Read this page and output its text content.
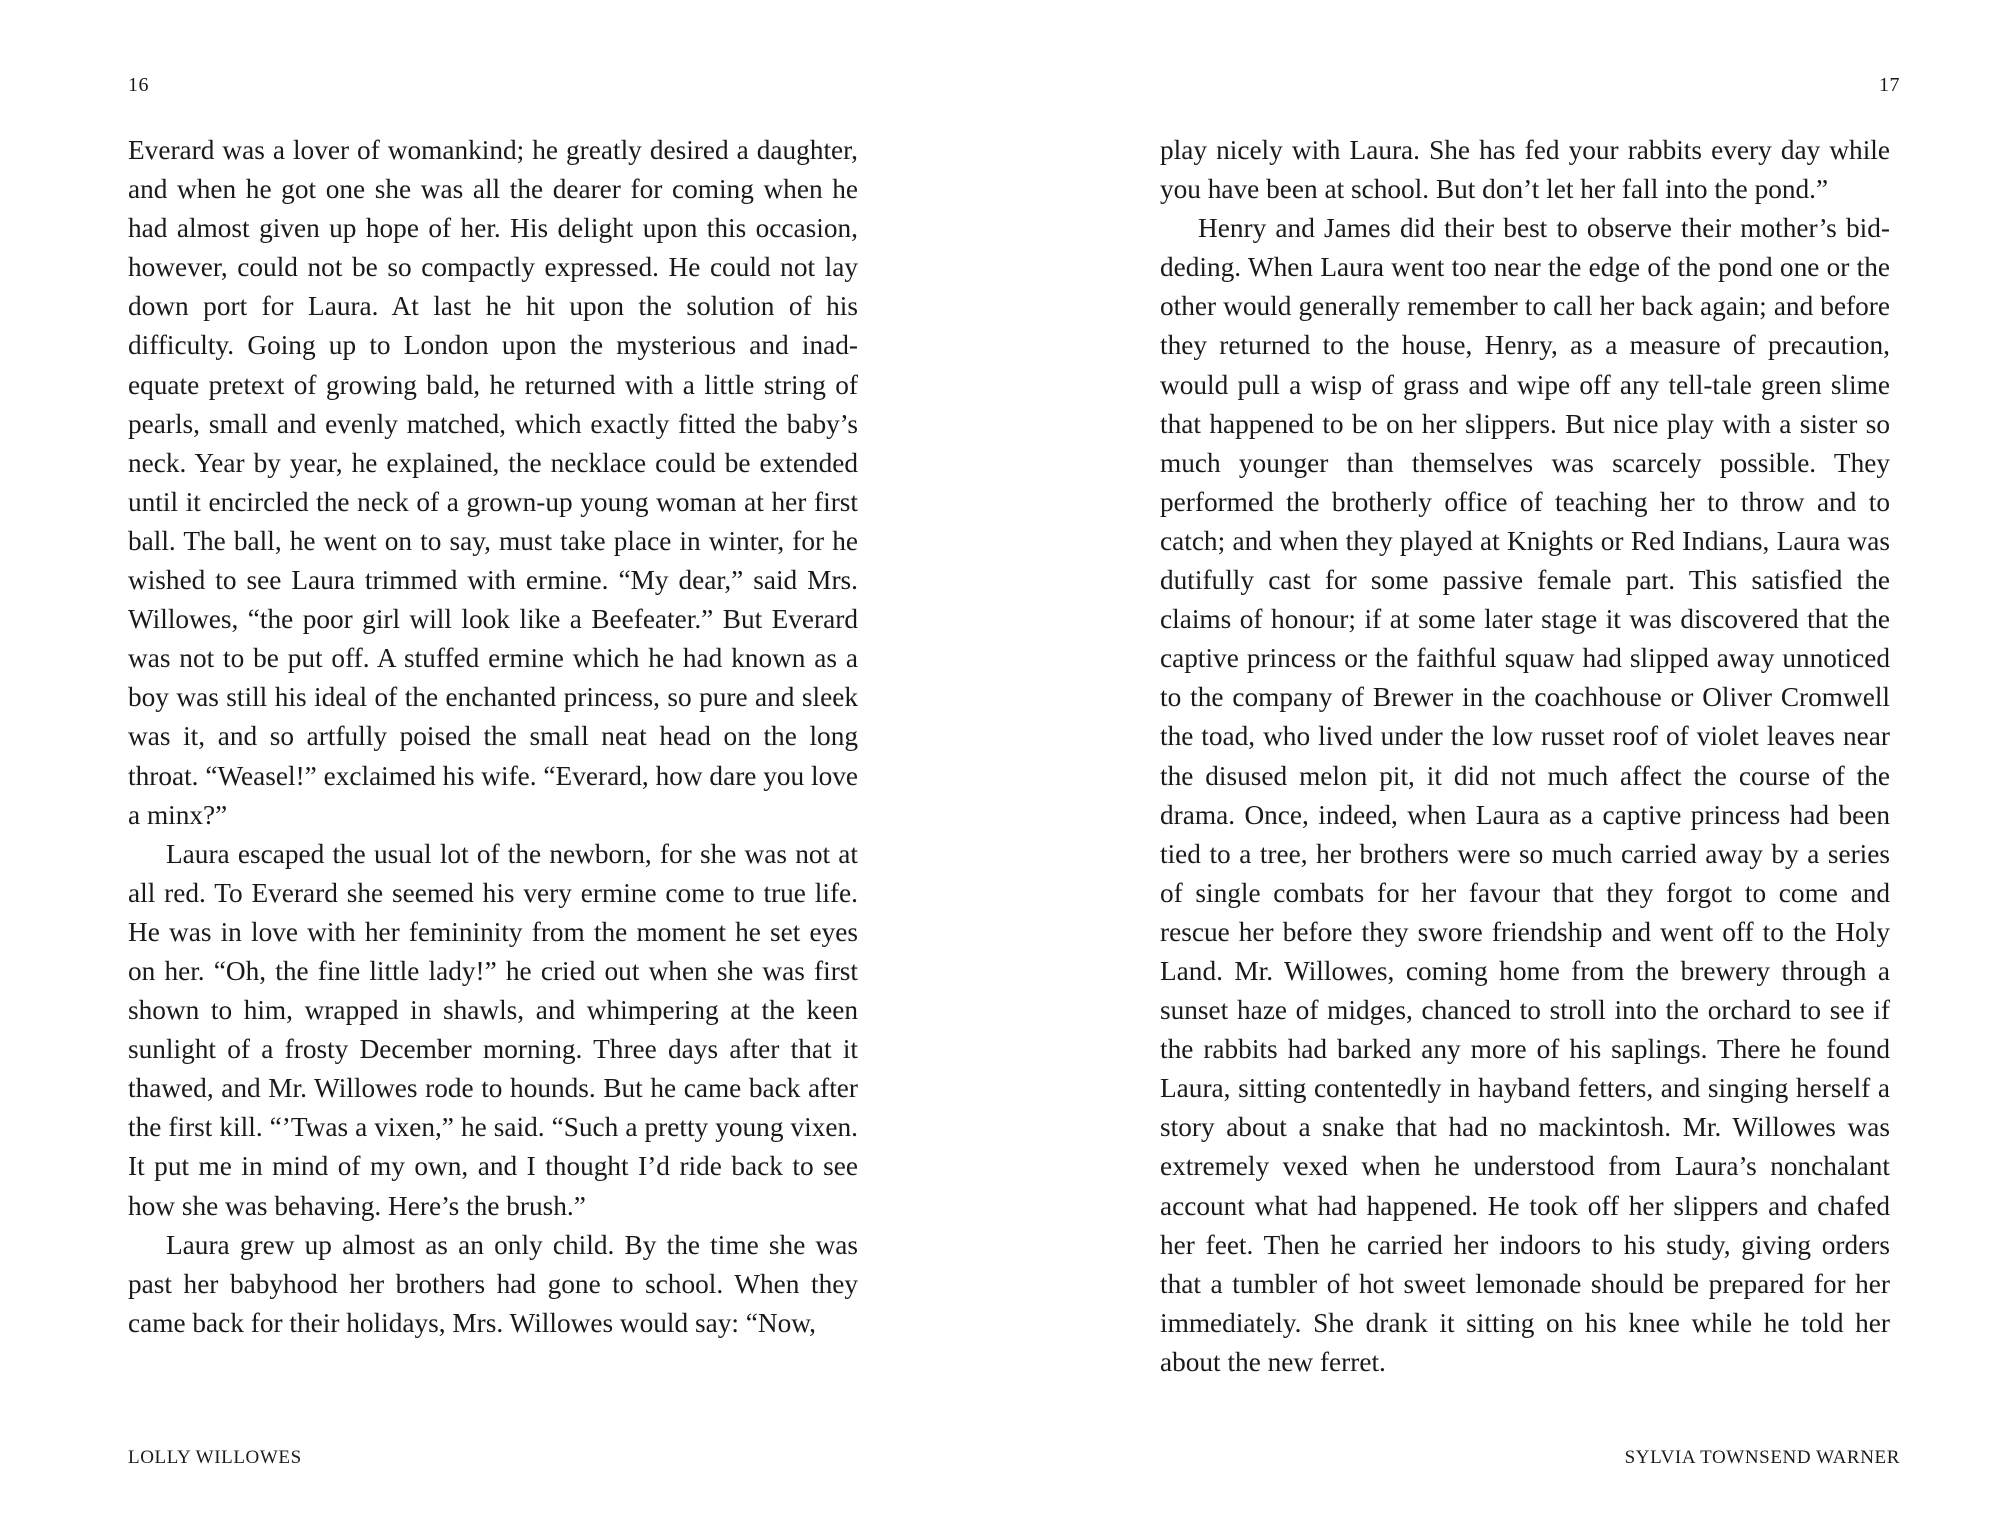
16

Everard was a lover of womankind; he greatly desired a daughter, and when he got one she was all the dearer for coming when he had almost given up hope of her. His delight upon this occasion, however, could not be so compactly expressed. He could not lay down port for Laura. At last he hit upon the solution of his difficulty. Going up to London upon the mysterious and inadequate pretext of growing bald, he returned with a little string of pearls, small and evenly matched, which exactly fitted the baby’s neck. Year by year, he explained, the necklace could be extended until it encircled the neck of a grown-up young woman at her first ball. The ball, he went on to say, must take place in winter, for he wished to see Laura trimmed with ermine. “My dear,” said Mrs. Willowes, “the poor girl will look like a Beefeater.” But Everard was not to be put off. A stuffed ermine which he had known as a boy was still his ideal of the enchanted princess, so pure and sleek was it, and so artfully poised the small neat head on the long throat. “Weasel!” exclaimed his wife. “Everard, how dare you love a minx?”

Laura escaped the usual lot of the newborn, for she was not at all red. To Everard she seemed his very ermine come to true life. He was in love with her femininity from the moment he set eyes on her. “Oh, the fine little lady!” he cried out when she was first shown to him, wrapped in shawls, and whimpering at the keen sunlight of a frosty December morning. Three days after that it thawed, and Mr. Willowes rode to hounds. But he came back after the first kill. “’Twas a vixen,” he said. “Such a pretty young vixen. It put me in mind of my own, and I thought I’d ride back to see how she was behaving. Here’s the brush.”

Laura grew up almost as an only child. By the time she was past her babyhood her brothers had gone to school. When they came back for their holidays, Mrs. Willowes would say: “Now,

LOLLY WILLOWES
17

play nicely with Laura. She has fed your rabbits every day while you have been at school. But don’t let her fall into the pond.”

Henry and James did their best to observe their mother’s biddeding. When Laura went too near the edge of the pond one or the other would generally remember to call her back again; and before they returned to the house, Henry, as a measure of precaution, would pull a wisp of grass and wipe off any tell-tale green slime that happened to be on her slippers. But nice play with a sister so much younger than themselves was scarcely possible. They performed the brotherly office of teaching her to throw and to catch; and when they played at Knights or Red Indians, Laura was dutifully cast for some passive female part. This satisfied the claims of honour; if at some later stage it was discovered that the captive princess or the faithful squaw had slipped away unnoticed to the company of Brewer in the coachhouse or Oliver Cromwell the toad, who lived under the low russet roof of violet leaves near the disused melon pit, it did not much affect the course of the drama. Once, indeed, when Laura as a captive princess had been tied to a tree, her brothers were so much carried away by a series of single combats for her favour that they forgot to come and rescue her before they swore friendship and went off to the Holy Land. Mr. Willowes, coming home from the brewery through a sunset haze of midges, chanced to stroll into the orchard to see if the rabbits had barked any more of his saplings. There he found Laura, sitting contentedly in hayband fetters, and singing herself a story about a snake that had no mackintosh. Mr. Willowes was extremely vexed when he understood from Laura’s nonchalant account what had happened. He took off her slippers and chafed her feet. Then he carried her indoors to his study, giving orders that a tumbler of hot sweet lemonade should be prepared for her immediately. She drank it sitting on his knee while he told her about the new ferret.

SYLVIA TOWNSEND WARNER
